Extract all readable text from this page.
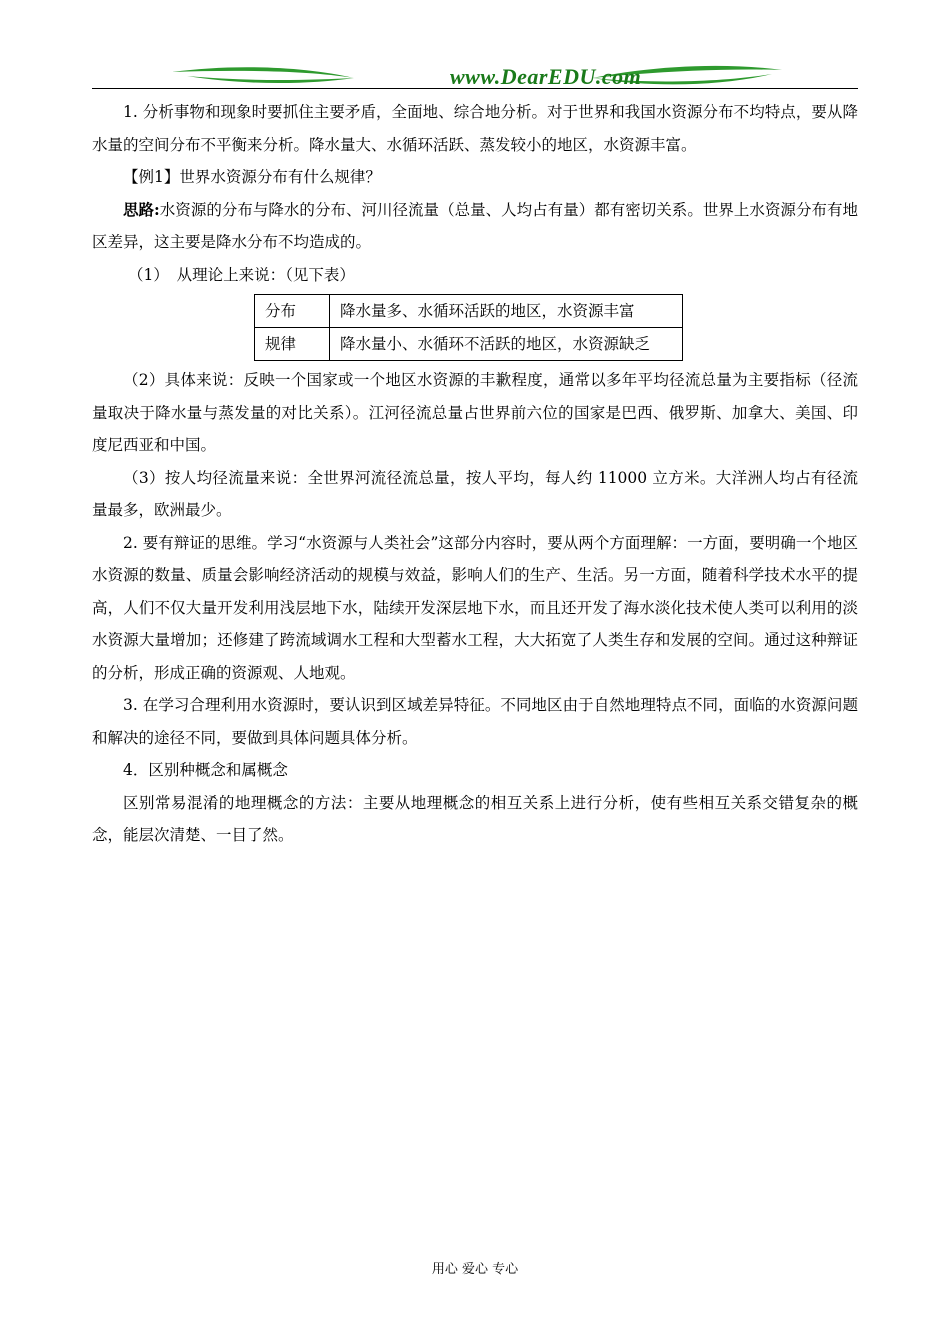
www.DearEDU.com

1. 分析事物和现象时要抓住主要矛盾，全面地、综合地分析。对于世界和我国水资源分布不均特点，要从降水量的空间分布不平衡来分析。降水量大、水循环活跃、蒸发较小的地区，水资源丰富。

【例1】世界水资源分布有什么规律？

思路:水资源的分布与降水的分布、河川径流量（总量、人均占有量）都有密切关系。世界上水资源分布有地区差异，这主要是降水分布不均造成的。

（1）　从理论上来说：（见下表）

分布	降水量多、水循环活跃的地区，水资源丰富
规律	降水量小、水循环不活跃的地区，水资源缺乏

（2）具体来说：反映一个国家或一个地区水资源的丰歉程度，通常以多年平均径流总量为主要指标（径流量取决于降水量与蒸发量的对比关系）。江河径流总量占世界前六位的国家是巴西、俄罗斯、加拿大、美国、印度尼西亚和中国。

（3）按人均径流量来说：全世界河流径流总量，按人平均，每人约 11000 立方米。大洋洲人均占有径流量最多，欧洲最少。

2. 要有辩证的思维。学习“水资源与人类社会”这部分内容时，要从两个方面理解：一方面，要明确一个地区水资源的数量、质量会影响经济活动的规模与效益，影响人们的生产、生活。另一方面，随着科学技术水平的提高，人们不仅大量开发利用浅层地下水，陆续开发深层地下水，而且还开发了海水淡化技术使人类可以利用的淡水资源大量增加；还修建了跨流域调水工程和大型蓄水工程，大大拓宽了人类生存和发展的空间。通过这种辩证的分析，形成正确的资源观、人地观。

3. 在学习合理利用水资源时，要认识到区域差异特征。不同地区由于自然地理特点不同，面临的水资源问题和解决的途径不同，要做到具体问题具体分析。

4．区别种概念和属概念

区别常易混淆的地理概念的方法：主要从地理概念的相互关系上进行分析，使有些相互关系交错复杂的概念，能层次清楚、一目了然。

用心 爱心 专心
